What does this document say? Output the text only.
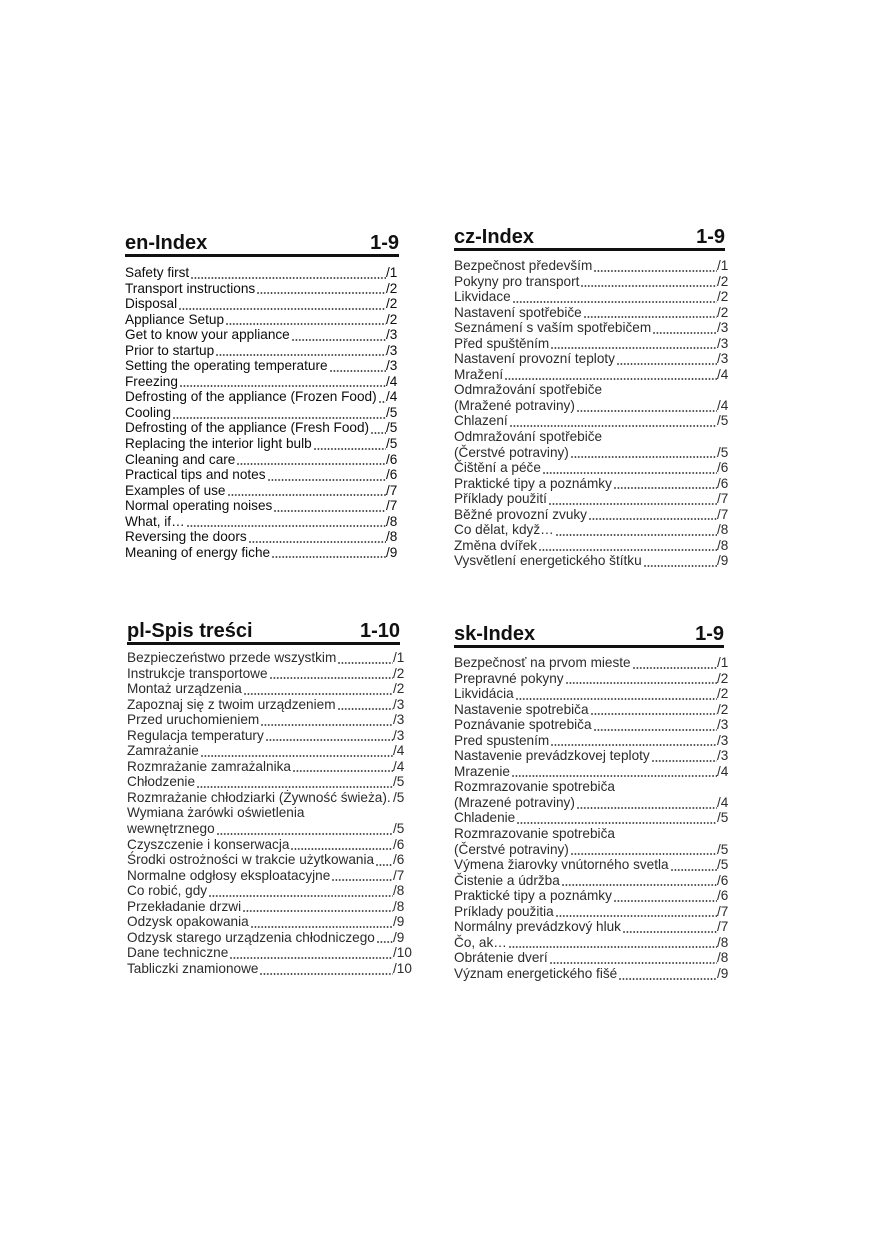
en-Index	1-9
Safety first	/1
Transport instructions	/2
Disposal	/2
Appliance Setup	/2
Get to know your appliance	/3
Prior to startup	/3
Setting the operating temperature	/3
Freezing	/4
Defrosting of the appliance (Frozen Food) /4
Cooling	/5
Defrosting of the appliance (Fresh Food) /5
Replacing the interior light bulb	/5
Cleaning and care	/6
Practical tips and notes	/6
Examples of use	/7
Normal operating noises	/7
What, if…	/8
Reversing the doors	/8
Meaning of energy fiche	/9
cz-Index	1-9
Bezpečnost především	/1
Pokyny pro transport	/2
Likvidace	/2
Nastavení spotřebiče	/2
Seznámení s vaším spotřebičem	/3
Před spuštěním	/3
Nastavení provozní teploty	/3
Mražení	/4
Odmražování spotřebiče
(Mražené potraviny)	/4
Chlazení	/5
Odmražování spotřebiče
(Čerstvé potraviny)	/5
Čištění a péče	/6
Praktické tipy a poznámky	/6
Příklady použití	/7
Běžné provozní zvuky	/7
Co dělat, když…	/8
Změna dvířek	/8
Vysvětlení energetického štítku	/9
pl-Spis treści	1-10
Bezpieczeństwo przede wszystkim	/1
Instrukcje transportowe	/2
Montaż urządzenia	/2
Zapoznaj się z twoim urządzeniem	/3
Przed uruchomieniem	/3
Regulacja temperatury	/3
Zamrażanie	/4
Rozmrażanie zamrażalnika	/4
Chłodzenie	/5
Rozmrażanie chłodziarki (Żywność świeża). /5
Wymiana żarówki oświetlenia
wewnętrznego	/5
Czyszczenie i konserwacja	/6
Środki ostrożności w trakcie użytkowania /6
Normalne odgłosy eksploatacyjne	/7
Co robić, gdy	/8
Przekładanie drzwi	/8
Odzysk opakowania	/9
Odzysk starego urządzenia chłodniczego /9
Dane techniczne	/10
Tabliczki znamionowe	/10
sk-Index	1-9
Bezpečnosť na prvom mieste	/1
Prepravné pokyny	/2
Likvidácia	/2
Nastavenie spotrebiča	/2
Poznávanie spotrebiča	/3
Pred spustením	/3
Nastavenie prevádzkovej teploty	/3
Mrazenie	/4
Rozmrazovanie spotrebiča
(Mrazené potraviny)	/4
Chladenie	/5
Rozmrazovanie spotrebiča
(Čerstvé potraviny)	/5
Výmena žiarovky vnútorného svetla	/5
Čistenie a údržba	/6
Praktické tipy a poznámky	/6
Príklady použitia	/7
Normálny prevádzkový hluk	/7
Čo, ak…	/8
Obrátenie dverí	/8
Význam energetického fišé	/9
